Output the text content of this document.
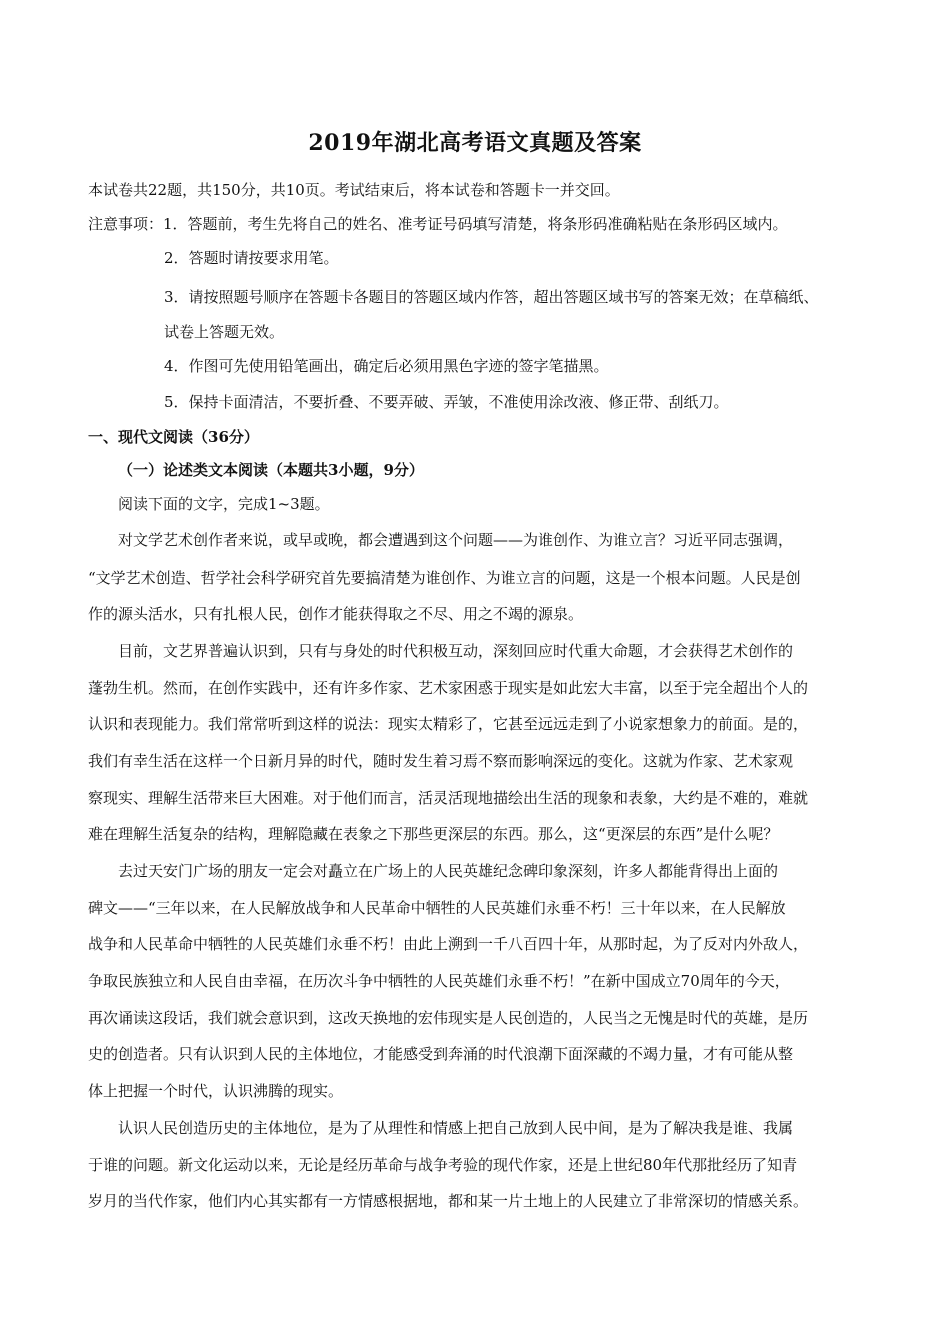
2019年湖北高考语文真题及答案
本试卷共22题，共150分，共10页。考试结束后，将本试卷和答题卡一并交回。
注意事项：1．答题前，考生先将自己的姓名、准考证号码填写清楚，将条形码准确粘贴在条形码区域内。
2．答题时请按要求用笔。
3．请按照题号顺序在答题卡各题目的答题区域内作答，超出答题区域书写的答案无效；在草稿纸、
试卷上答题无效。
4．作图可先使用铅笔画出，确定后必须用黑色字迹的签字笔描黑。
5．保持卡面清洁，不要折叠、不要弄破、弄皱，不准使用涂改液、修正带、刮纸刀。
一、现代文阅读（36分）
（一）论述类文本阅读（本题共3小题，9分）
阅读下面的文字，完成1~3题。
对文学艺术创作者来说，或早或晚，都会遭遇到这个问题——为谁创作、为谁立言？习近平同志强调，
“文学艺术创造、哲学社会科学研究首先要搞清楚为谁创作、为谁立言的问题，这是一个根本问题。人民是创
作的源头活水，只有扎根人民，创作才能获得取之不尽、用之不竭的源泉。
目前，文艺界普遍认识到，只有与身处的时代积极互动，深刻回应时代重大命题，才会获得艺术创作的
蓬勃生机。然而，在创作实践中，还有许多作家、艺术家困惑于现实是如此宏大丰富，以至于完全超出个人的
认识和表现能力。我们常常听到这样的说法：现实太精彩了，它甚至远远走到了小说家想象力的前面。是的，
我们有幸生活在这样一个日新月异的时代，随时发生着习焉不察而影响深远的变化。这就为作家、艺术家观
察现实、理解生活带来巨大困难。对于他们而言，活灵活现地描绘出生活的现象和表象，大约是不难的，难就
难在理解生活复杂的结构，理解隐藏在表象之下那些更深层的东西。那么，这“更深层的东西”是什么呢？
去过天安门广场的朋友一定会对矗立在广场上的人民英雄纪念碑印象深刻，许多人都能背得出上面的
碑文——“三年以来，在人民解放战争和人民革命中牺牲的人民英雄们永垂不朽！三十年以来，在人民解放
战争和人民革命中牺牲的人民英雄们永垂不朽！由此上溯到一千八百四十年，从那时起，为了反对内外敌人，
争取民族独立和人民自由幸福，在历次斗争中牺牲的人民英雄们永垂不朽！”在新中国成立70周年的今天，
再次诵读这段话，我们就会意识到，这改天换地的宏伟现实是人民创造的，人民当之无愧是时代的英雄，是历
史的创造者。只有认识到人民的主体地位，才能感受到奔涌的时代浪潮下面深藏的不竭力量，才有可能从整
体上把握一个时代，认识沸腾的现实。
认识人民创造历史的主体地位，是为了从理性和情感上把自己放到人民中间，是为了解决我是谁、我属
于谁的问题。新文化运动以来，无论是经历革命与战争考验的现代作家，还是上世纪80年代那批经历了知青
岁月的当代作家，他们内心其实都有一方情感根据地，都和某一片土地上的人民建立了非常深切的情感关系。
